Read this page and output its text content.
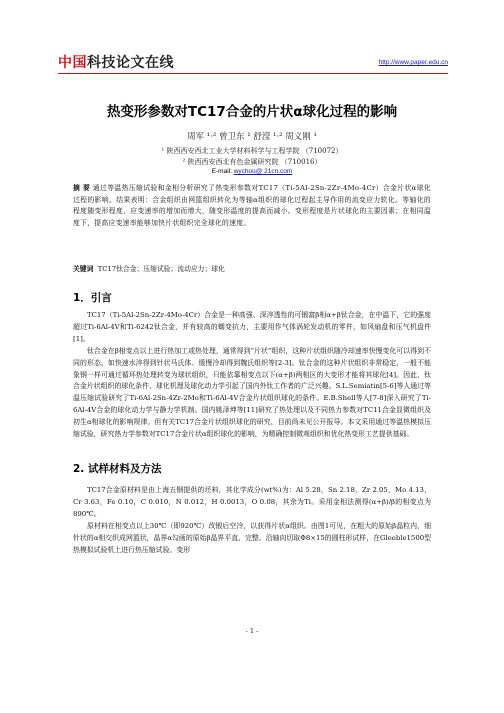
中国科技论文在线	http://www.paper.edu.cn
热变形参数对TC17合金的片状α球化过程的影响
周军 ¹·² 曾卫东 ¹ 舒滢 ¹·² 周义刚 ¹
¹ 陕西西安西北工业大学材料科学与工程学院 （710072）
² 陕西西安西北有色金属研究院 （710016）
E-mail: wychou@ 21cn.com
摘 要 通过等温热压缩试验和金相分析研究了热变形参数对TC17（Ti-5Al-2Sn-2Zr-4Mo-4Cr）合金片状α球化过程的影响。结果表明：合金组织由网篮组织转化为等轴α组织的球化过程起主导作用的流变应力软化。等轴化的程度随变形程度、应变速率的增加而增大，随变形温度的提高而减小。变形程度是片状球化的主要因素；在相同温度下，提高应变速率能够加快片状组织完全球化的速度。
关键词 TC17钛合金；压缩试验；流动应力；球化
1．引言
TC17（Ti-5Al-2Sn-2Zr-4Mo-4Cr）合金是一种高强、深淬透性的可锻富β相α+β钛合金，在中温下，它的强度超过Ti-6Al-4V和Ti-6242钛合金，并有较高的蠕变抗力，主要用作气体涡轮发动机的零件，如风扇盘和压气机盘件[1]。
钛合金在β相变点以上进行热加工或热处理，通常得到“片状”组织，这种片状组织随冷却速率快慢变化可以得到不同的形态。如快速水淬得到针状马氏体、缓慢冷却得到魏氏组织等[2-3]。钛合金的这种片状组织非常稳定，一般不能象钢一样可通过循环热处理转变为球状组织，只能依靠相变点以下(α+β)两相区的大变形才能将其球化[4]。因此，钛合金片状组织的球化条件、球化机理及球化动力学引起了国内外钛工作者的广泛兴趣。S.L.Semiatin[5-6]等人通过等温压缩试验研究了Ti-6Al-2Sn-4Zr-2Mo和Ti-6Al-4V合金片状组织球化的条件。E.B.Shell等人[7-8]深入研究了Ti-6Al-4V合金的球化动力学与静力学机制。国内姚泽坤等[11]研究了热处理以及不同热力参数对TC11合金显微组织及初生α相球化的影响规律。但有关TC17合金片状组织球化的研究，目前尚未见公开报导。本文采用通过等温热模拟压缩试验，研究热力学参数对TC17合金片状α组织球化的影响，为精确控制微观组织和优化热变形工艺提供基础。
2. 试样材料及方法
TC17合金原材料是由上海五钢提供的坯料，其化学成分(wt%)为：Al 5.28，Sn 2.18，Zr 2.05，Mo 4.13，Cr 3.63，Fe 0.10，C 0.010，N 0.012，H 0.0013，O 0.08，其余为Ti。采用金相法测得(α+β)/β的相变点为890℃。
原材料在相变点以上30℃（即920℃）改锻后空冷，以获得片状α组织。由图1可见，在粗大的原始β晶粒内，细针状的α相交织成网篮状，晶界α勾画的原始β晶界平直、完整。沿轴向切取Φ8×15的圆柱形试样，在Gleeble1500型热模拟试验机上进行热压缩试验。变形
- 1 -
